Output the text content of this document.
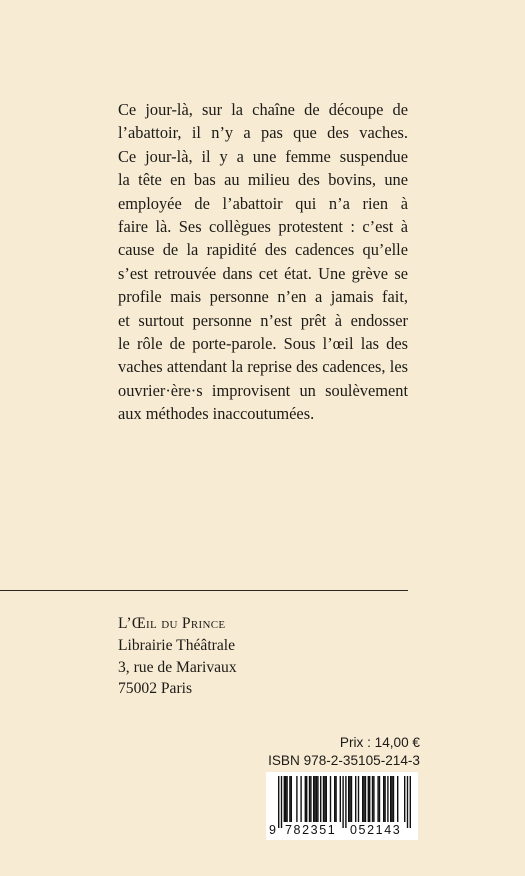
Ce jour-là, sur la chaîne de découpe de
l’abattoir, il n’y a pas que des vaches.
Ce jour-là, il y a une femme suspendue
la tête en bas au milieu des bovins, une
employée de l’abattoir qui n’a rien à
faire là. Ses collègues protestent : c’est à
cause de la rapidité des cadences qu’elle
s’est retrouvée dans cet état. Une grève se
profile mais personne n’en a jamais fait,
et surtout personne n’est prêt à endosser
le rôle de porte-parole. Sous l’œil las des
vaches attendant la reprise des cadences, les
ouvrier·ère·s improvisent un soulèvement
aux méthodes inaccoutumées.
L’Œil du Prince
Librairie Théâtrale
3, rue de Marivaux
75002 Paris
Prix : 14,00 €
ISBN 978-2-35105-214-3
9 782351 052143
